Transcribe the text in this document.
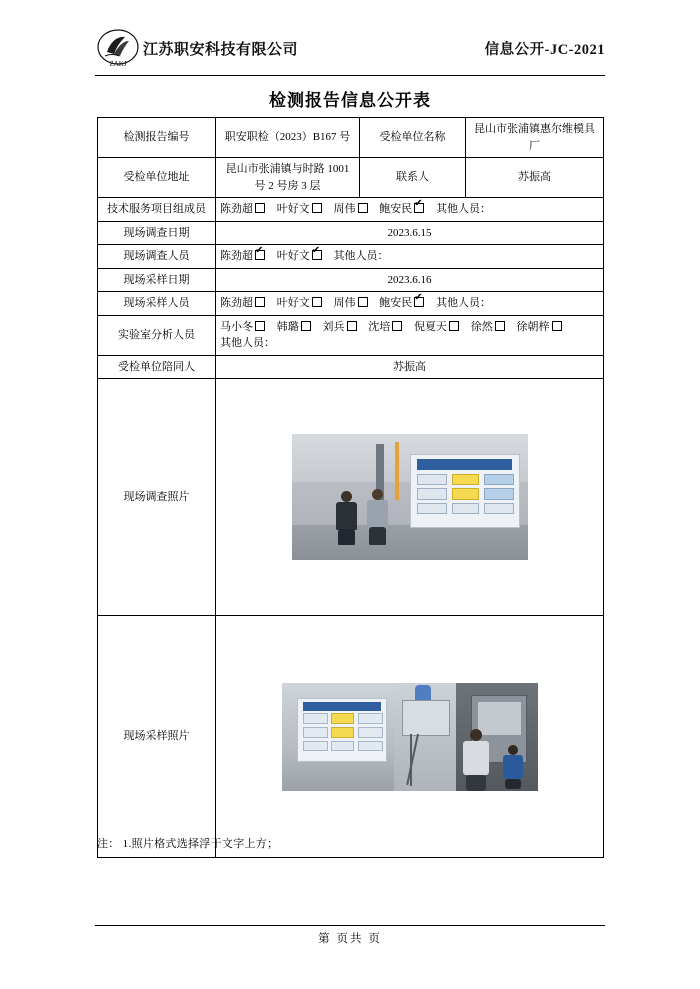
ZAKJ
江苏职安科技有限公司	信息公开-JC-2021
检测报告信息公开表
检测报告编号	职安职检（2023）B167 号	受检单位名称	昆山市张浦镇惠尔维模具厂
受检单位地址	昆山市张浦镇与时路 1001 号 2 号房 3 层	联系人	苏振高
技术服务项目组成员	陈劲超 叶好文 周伟 鲍安民 ✔ 其他人员：
现场调查日期	2023.6.15		
现场调查人员	陈劲超 ✔ 叶好文 ✔ 其他人员：
现场采样日期	2023.6.16		
现场采样人员	陈劲超 叶好文 周伟 鲍安民 ✔ 其他人员：
实验室分析人员	马小冬 韩璐 刘兵 沈培 倪夏天 徐然 徐朝梓
其他人员：		

受检单位陪同人	苏振高		
现场调查照片			

现场采样照片			
注： 1.照片格式选择浮于文字上方；
第 页共 页
